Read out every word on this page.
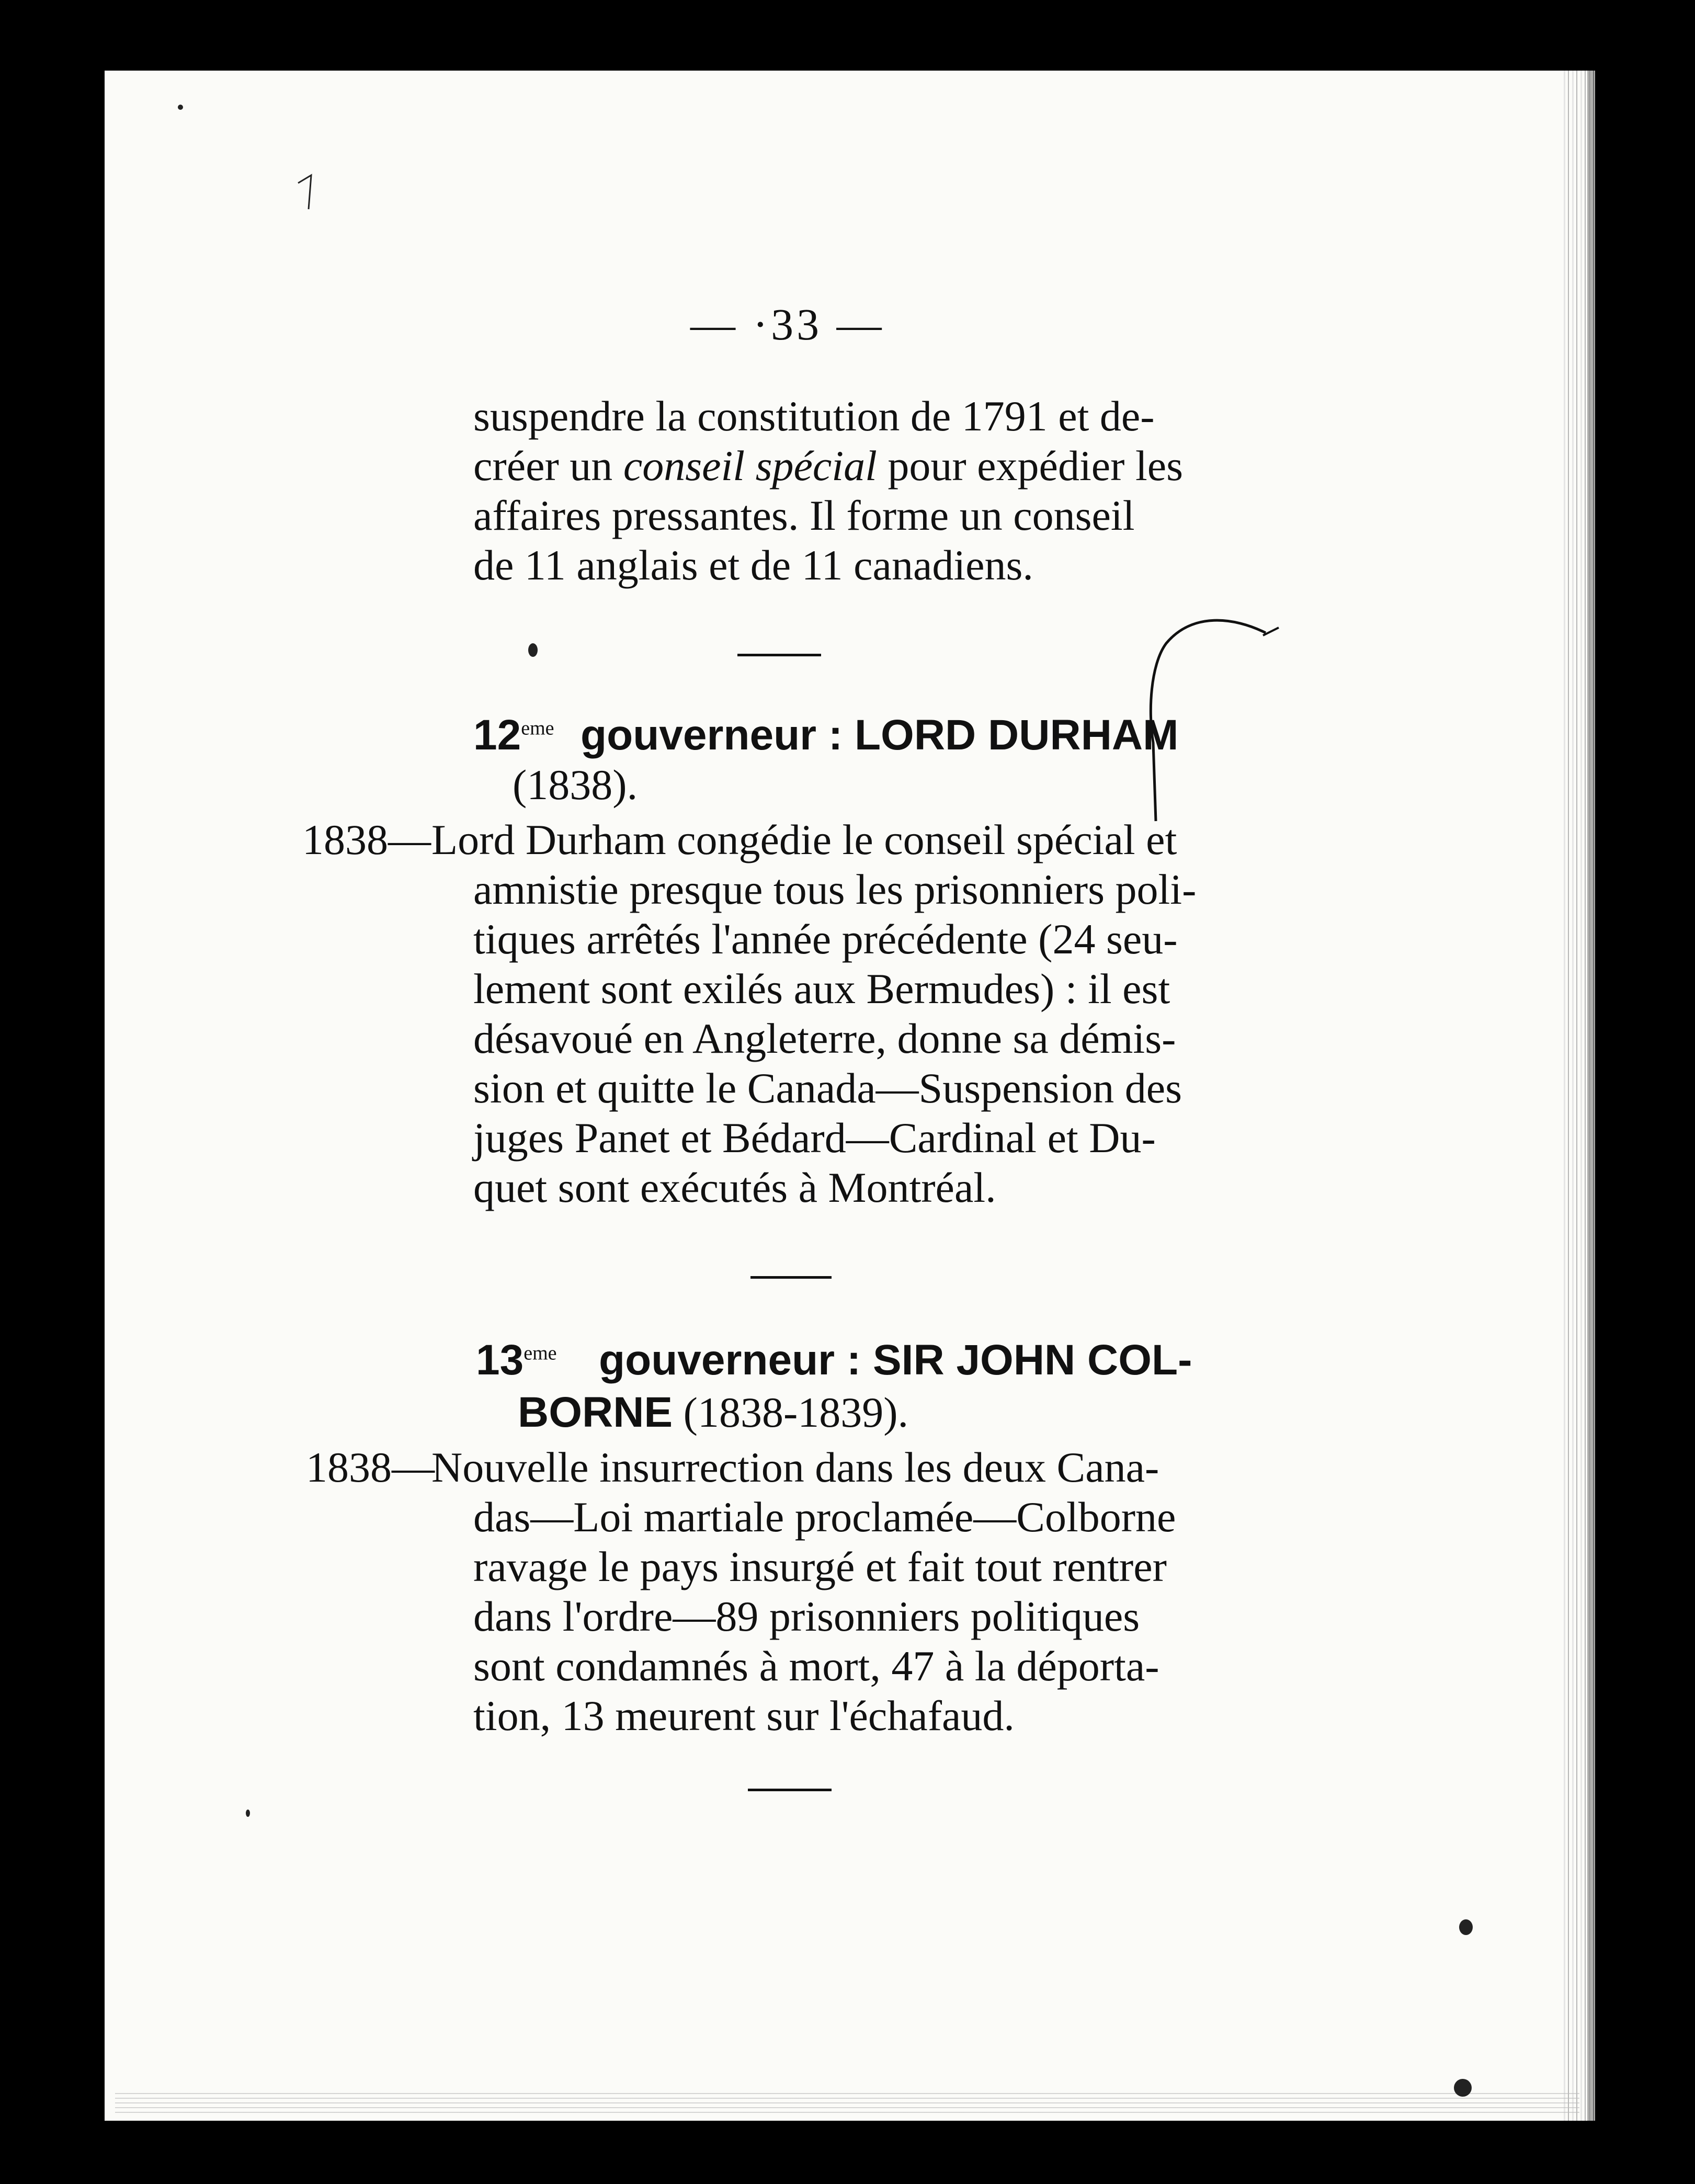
— ·33 —
suspendre la constitution de 1791 et de-
créer un conseil spécial pour expédier les
affaires pressantes. Il forme un conseil
de 11 anglais et de 11 canadiens.
12eme gouverneur : LORD DURHAM
(1838).
1838— Lord Durham congédie le conseil spécial et
amnistie presque tous les prisonniers poli-
tiques arrêtés l'année précédente (24 seu-
lement sont exilés aux Bermudes) : il est
désavoué en Angleterre, donne sa démis-
sion et quitte le Canada—Suspension des
juges Panet et Bédard—Cardinal et Du-
quet sont exécutés à Montréal.
13eme gouverneur : SIR JOHN COL-
BORNE (1838-1839).
1838—
Nouvelle insurrection dans les deux Cana-
das—Loi martiale proclamée—Colborne
ravage le pays insurgé et fait tout rentrer
dans l'ordre—89 prisonniers politiques
sont condamnés à mort, 47 à la déporta-
tion, 13 meurent sur l'échafaud.
